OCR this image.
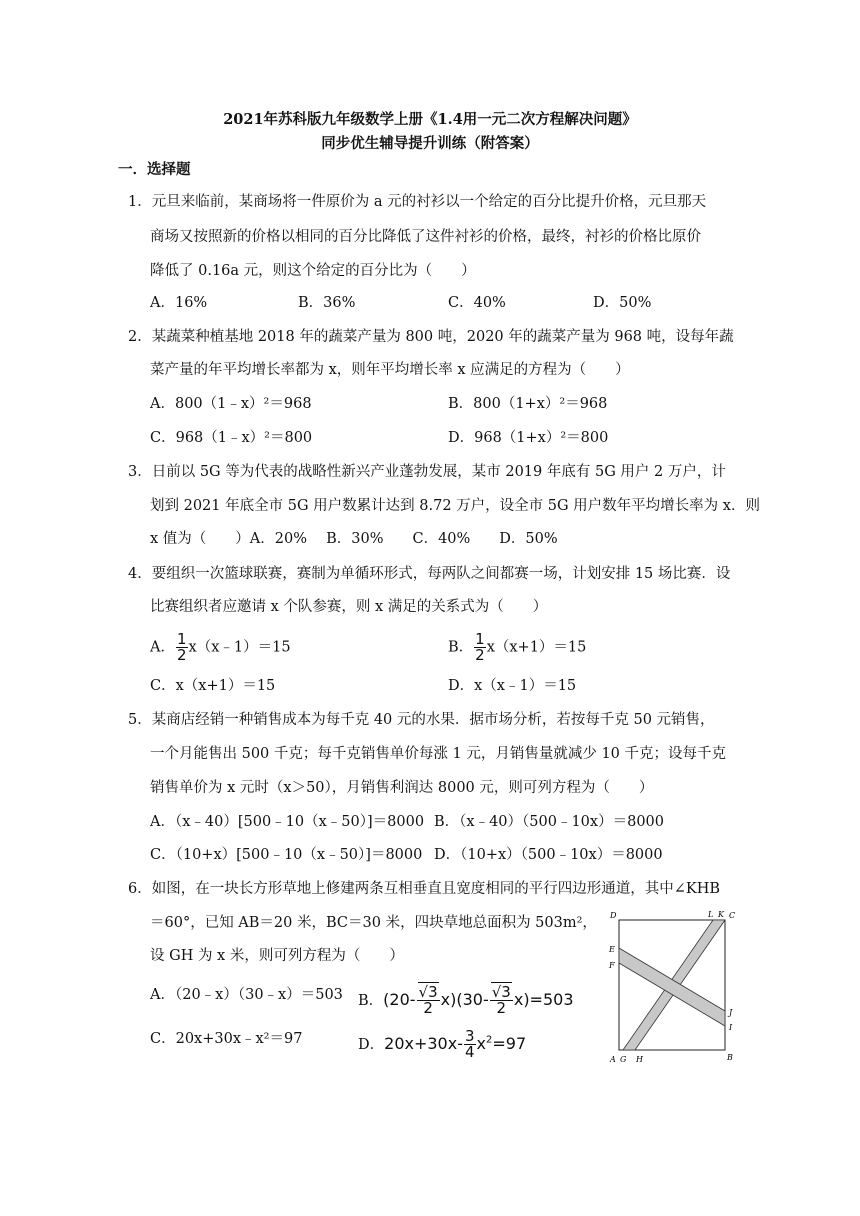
2021年苏科版九年级数学上册《1.4用一元二次方程解决问题》
同步优生辅导提升训练（附答案）
一．选择题
1．元旦来临前，某商场将一件原价为 a 元的衬衫以一个给定的百分比提升价格，元旦那天
商场又按照新的价格以相同的百分比降低了这件衬衫的价格，最终，衬衫的价格比原价
降低了 0.16a 元，则这个给定的百分比为（　　）
A．16%	B．36%	C．40%	D．50%
2．某蔬菜种植基地 2018 年的蔬菜产量为 800 吨，2020 年的蔬菜产量为 968 吨，设每年蔬
菜产量的年平均增长率都为 x，则年平均增长率 x 应满足的方程为（　　）
A．800（1﹣x）²＝968	B．800（1+x）²＝968
C．968（1﹣x）²＝800	D．968（1+x）²＝800
3．日前以 5G 等为代表的战略性新兴产业蓬勃发展，某市 2019 年底有 5G 用户 2 万户，计
划到 2021 年底全市 5G 用户数累计达到 8.72 万户，设全市 5G 用户数年平均增长率为 x．则
x 值为（　　）A．20%　 B．30%　　C．40%　　D．50%
4．要组织一次篮球联赛，赛制为单循环形式，每两队之间都赛一场，计划安排 15 场比赛．设
比赛组织者应邀请 x 个队参赛，则 x 满足的关系式为（　　）
A． $\frac{1}{2}$ x（x﹣1）＝15	B． $\frac{1}{2} x(x+1)=15$
C．x（x+1）＝15	D．x（x﹣1）＝15
5．某商店经销一种销售成本为每千克 40 元的水果．据市场分析，若按每千克 50 元销售，
一个月能售出 500 千克；每千克销售单价每涨 1 元，月销售量就减少 10 千克；设每千克
销售单价为 x 元时（x＞50），月销售利润达 8000 元，则可列方程为（　　）
A．（x﹣40）[500﹣10（x﹣50）]＝8000 B．（x﹣40）（500﹣10x）＝8000
C．（10+x）[500﹣10（x﹣50）]＝8000 D．（10+x）（500﹣10x）＝8000
6．如图，在一块长方形草地上修建两条互相垂直且宽度相同的平行四边形通道，其中∠KHB
＝60°，已知 AB＝20 米，BC＝30 米，四块草地总面积为 503m²，
设 GH 为 x 米，则可列方程为（　　）
A．（20﹣x）（30﹣x）＝503 B．$(20- \frac{√3}{2} x)(30- \frac{√3}{2} x)=503$
C．20x+30x﹣x²＝97	D．$20x+30x- \frac{3}{4} x^2=97$
D	L K C
E
F
J
I
A G H	B
